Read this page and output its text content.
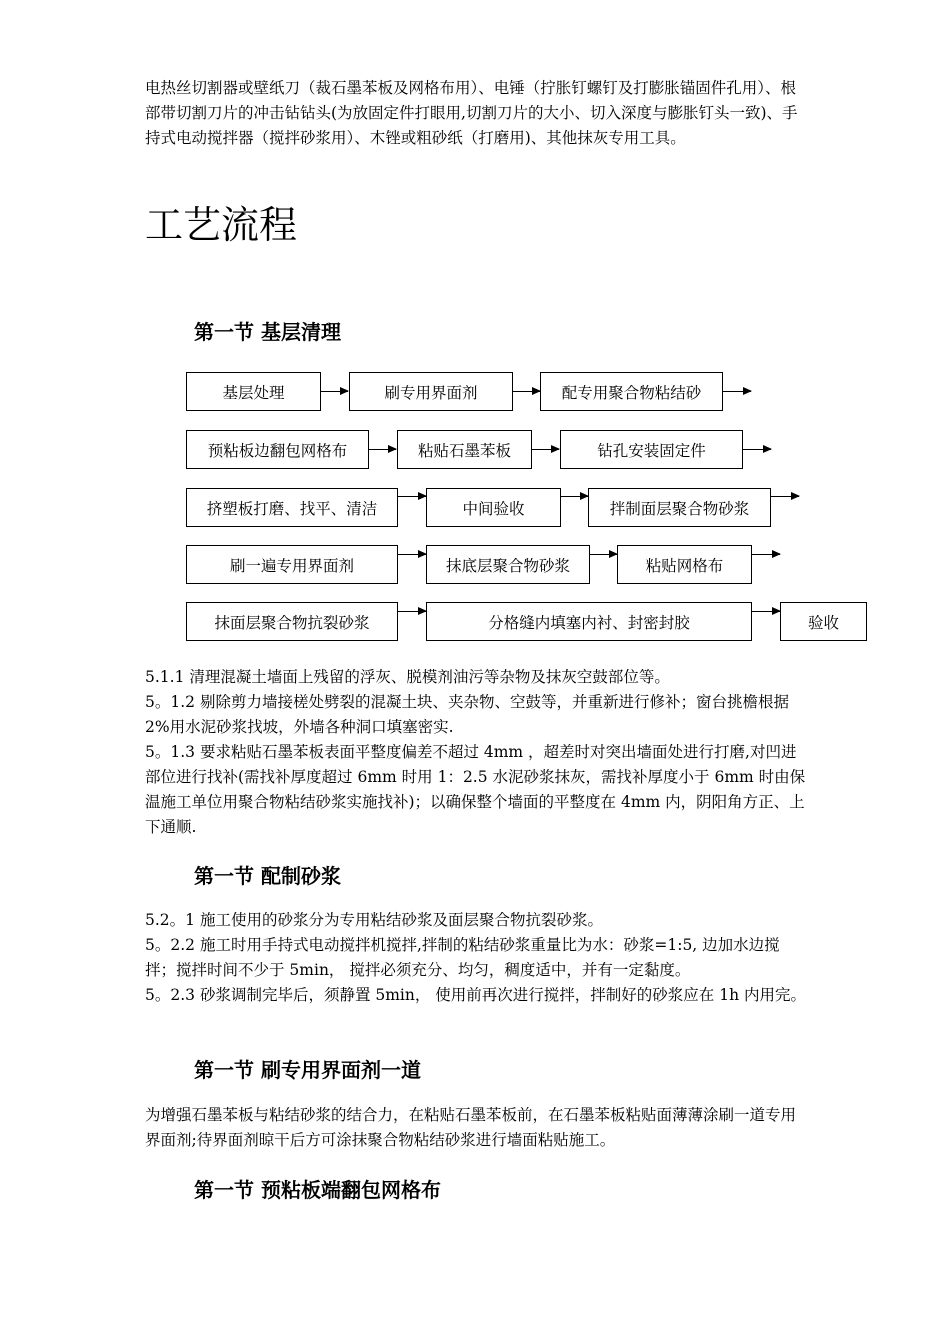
电热丝切割器或壁纸刀（裁石墨苯板及网格布用）、电锤（拧胀钉螺钉及打膨胀锚固件孔用）、根部带切割刀片的冲击钻钻头(为放固定件打眼用,切割刀片的大小、切入深度与膨胀钉头一致)、手持式电动搅拌器（搅拌砂浆用）、木锉或粗砂纸（打磨用)、其他抹灰专用工具。
工艺流程
第一节 基层清理
基层处理	刷专用界面剂	配专用聚合物粘结砂
预粘板边翻包网格布	粘贴石墨苯板	钻孔安装固定件
挤塑板打磨、找平、清洁	中间验收	拌制面层聚合物砂浆
刷一遍专用界面剂	抹底层聚合物砂浆	粘贴网格布
抹面层聚合物抗裂砂浆	分格缝内填塞内衬、封密封胶	验收
5.1.1 清理混凝土墙面上残留的浮灰、脱模剂油污等杂物及抹灰空鼓部位等。
5。1.2 剔除剪力墙接槎处劈裂的混凝土块、夹杂物、空鼓等，并重新进行修补；窗台挑檐根据 2%用水泥砂浆找坡，外墙各种洞口填塞密实.
5。1.3 要求粘贴石墨苯板表面平整度偏差不超过 4mm ，超差时对突出墙面处进行打磨,对凹进部位进行找补(需找补厚度超过 6mm 时用 1：2.5 水泥砂浆抹灰，需找补厚度小于 6mm 时由保温施工单位用聚合物粘结砂浆实施找补)；以确保整个墙面的平整度在 4mm 内，阴阳角方正、上下通顺.
第一节 配制砂浆
5.2。1 施工使用的砂浆分为专用粘结砂浆及面层聚合物抗裂砂浆。
5。2.2 施工时用手持式电动搅拌机搅拌,拌制的粘结砂浆重量比为水：砂浆=1:5, 边加水边搅拌；搅拌时间不少于 5min， 搅拌必须充分、均匀，稠度适中，并有一定黏度。
5。2.3 砂浆调制完毕后，须静置 5min， 使用前再次进行搅拌，拌制好的砂浆应在 1h 内用完。
第一节 刷专用界面剂一道
为增强石墨苯板与粘结砂浆的结合力，在粘贴石墨苯板前，在石墨苯板粘贴面薄薄涂刷一道专用界面剂;待界面剂晾干后方可涂抹聚合物粘结砂浆进行墙面粘贴施工。
第一节 预粘板端翻包网格布
